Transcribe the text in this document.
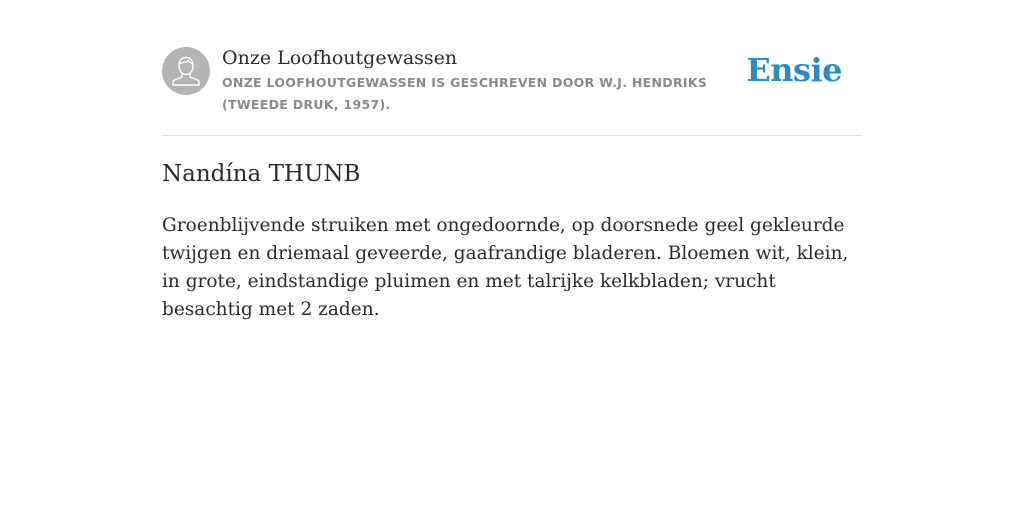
Onze Loofhoutgewassen
ONZE LOOFHOUTGEWASSEN IS GESCHREVEN DOOR W.J. HENDRIKS (TWEEDE DRUK, 1957).
Ensie
Nandína THUNB

Groenblijvende struiken met ongedoornde, op doorsnede geel gekleurde twijgen en driemaal geveerde, gaafrandige bladeren. Bloemen wit, klein, in grote, eindstandige pluimen en met talrijke kelkbladen; vrucht besachtig met 2 zaden.
